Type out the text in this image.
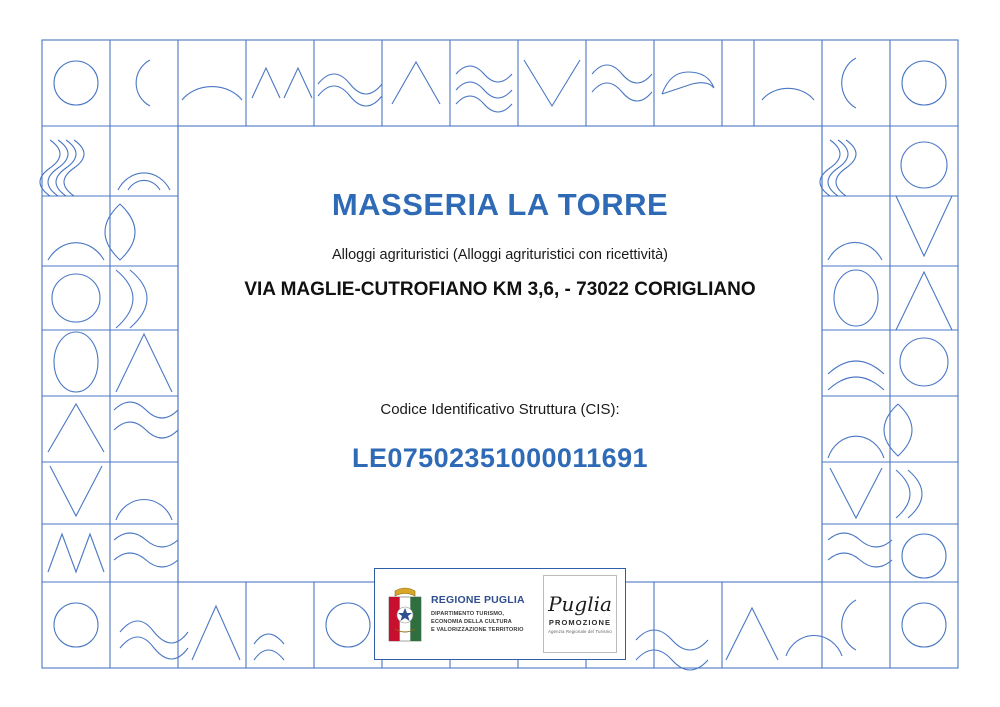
MASSERIA LA TORRE
Alloggi agrituristici (Alloggi agrituristici con ricettività)
VIA MAGLIE-CUTROFIANO KM 3,6, - 73022 CORIGLIANO
Codice Identificativo Struttura (CIS):
LE07502351000011691
REGIONE PUGLIA
DIPARTIMENTO TURISMO,
ECONOMIA DELLA CULTURA
E VALORIZZAZIONE TERRITORIO
Puglia
PROMOZIONE
Agenzia Regionale del Turismo
